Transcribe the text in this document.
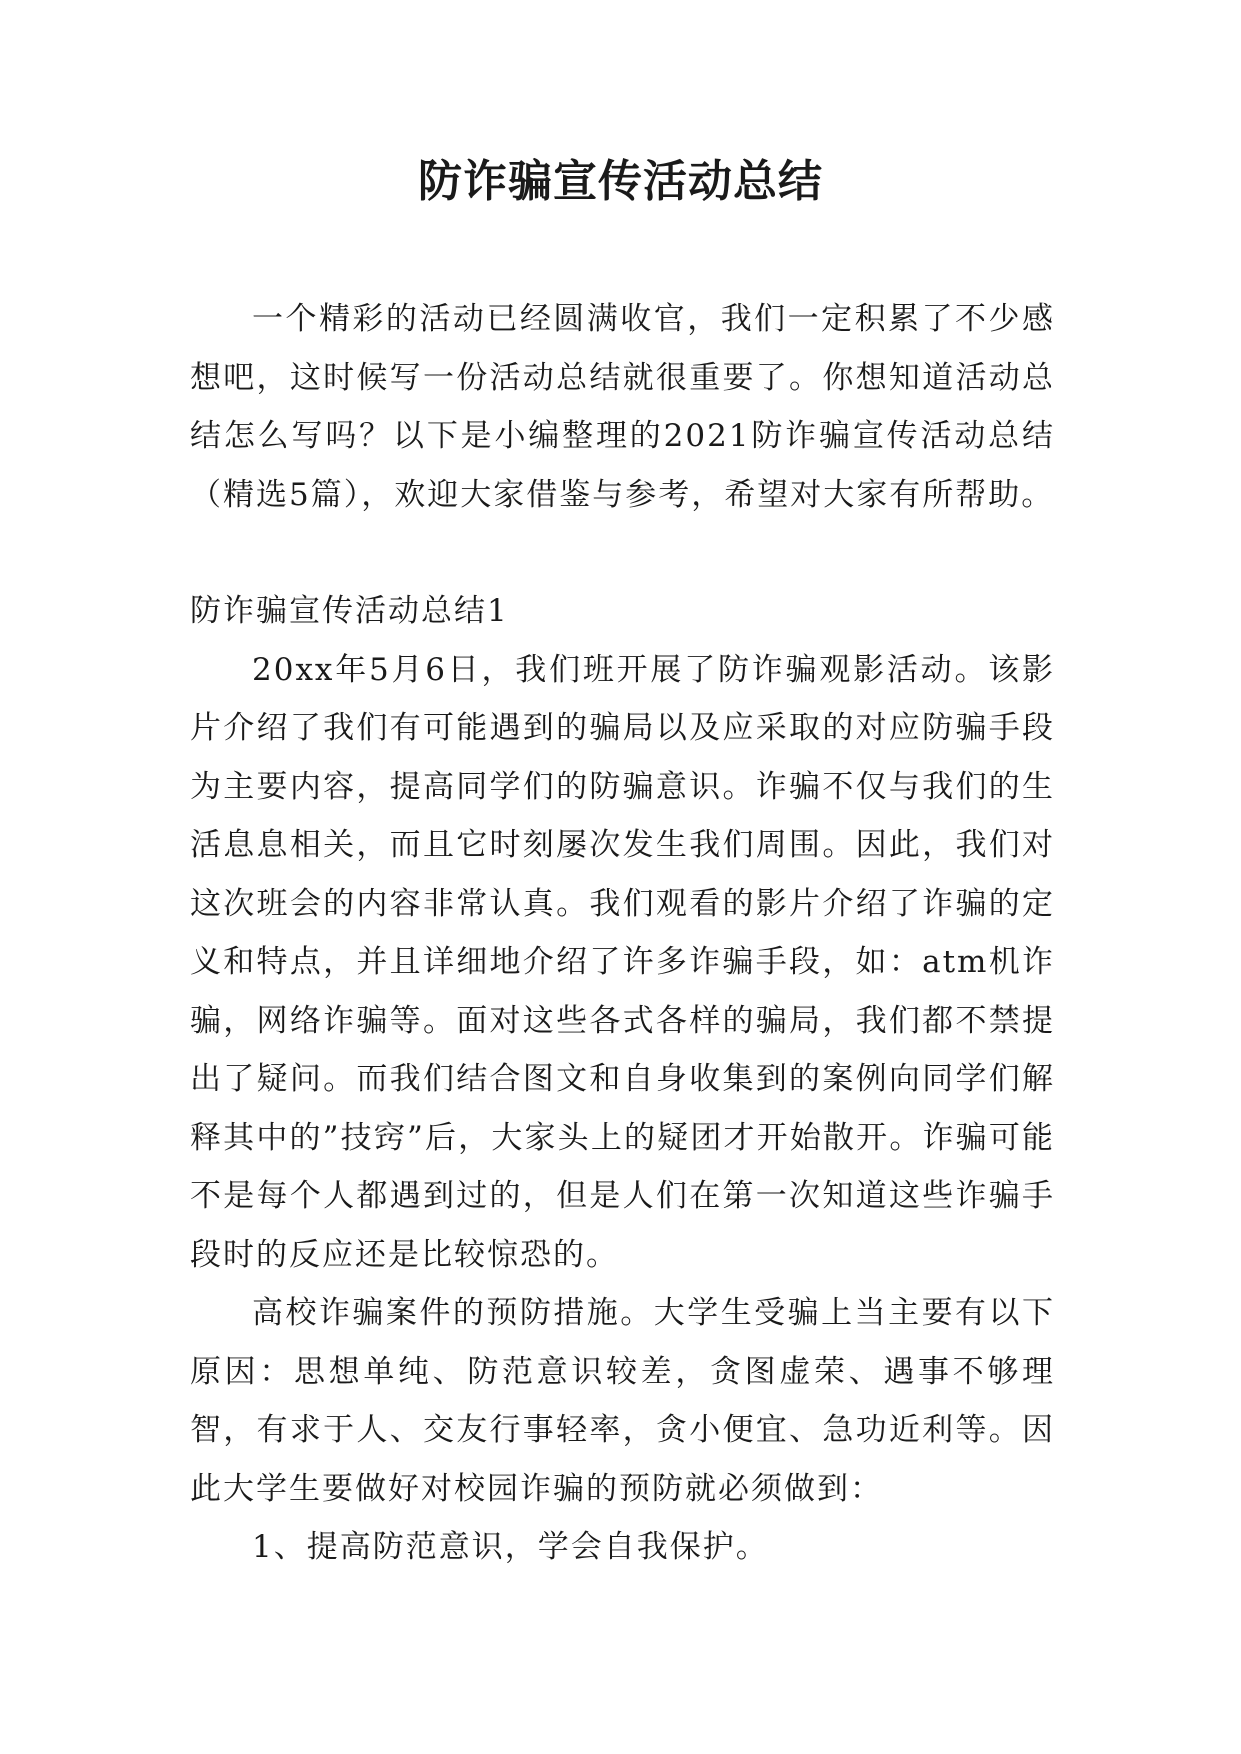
防诈骗宣传活动总结

一个精彩的活动已经圆满收官，我们一定积累了不少感想吧，这时候写一份活动总结就很重要了。你想知道活动总结怎么写吗？以下是小编整理的2021防诈骗宣传活动总结（精选5篇），欢迎大家借鉴与参考，希望对大家有所帮助。

防诈骗宣传活动总结1

20xx年5月6日，我们班开展了防诈骗观影活动。该影片介绍了我们有可能遇到的骗局以及应采取的对应防骗手段为主要内容，提高同学们的防骗意识。诈骗不仅与我们的生活息息相关，而且它时刻屡次发生我们周围。因此，我们对这次班会的内容非常认真。我们观看的影片介绍了诈骗的定义和特点，并且详细地介绍了许多诈骗手段，如：atm机诈骗，网络诈骗等。面对这些各式各样的骗局，我们都不禁提出了疑问。而我们结合图文和自身收集到的案例向同学们解释其中的”技窍”后，大家头上的疑团才开始散开。诈骗可能不是每个人都遇到过的，但是人们在第一次知道这些诈骗手段时的反应还是比较惊恐的。

高校诈骗案件的预防措施。大学生受骗上当主要有以下原因：思想单纯、防范意识较差，贪图虚荣、遇事不够理智，有求于人、交友行事轻率，贪小便宜、急功近利等。因此大学生要做好对校园诈骗的预防就必须做到：

1、提高防范意识，学会自我保护。
